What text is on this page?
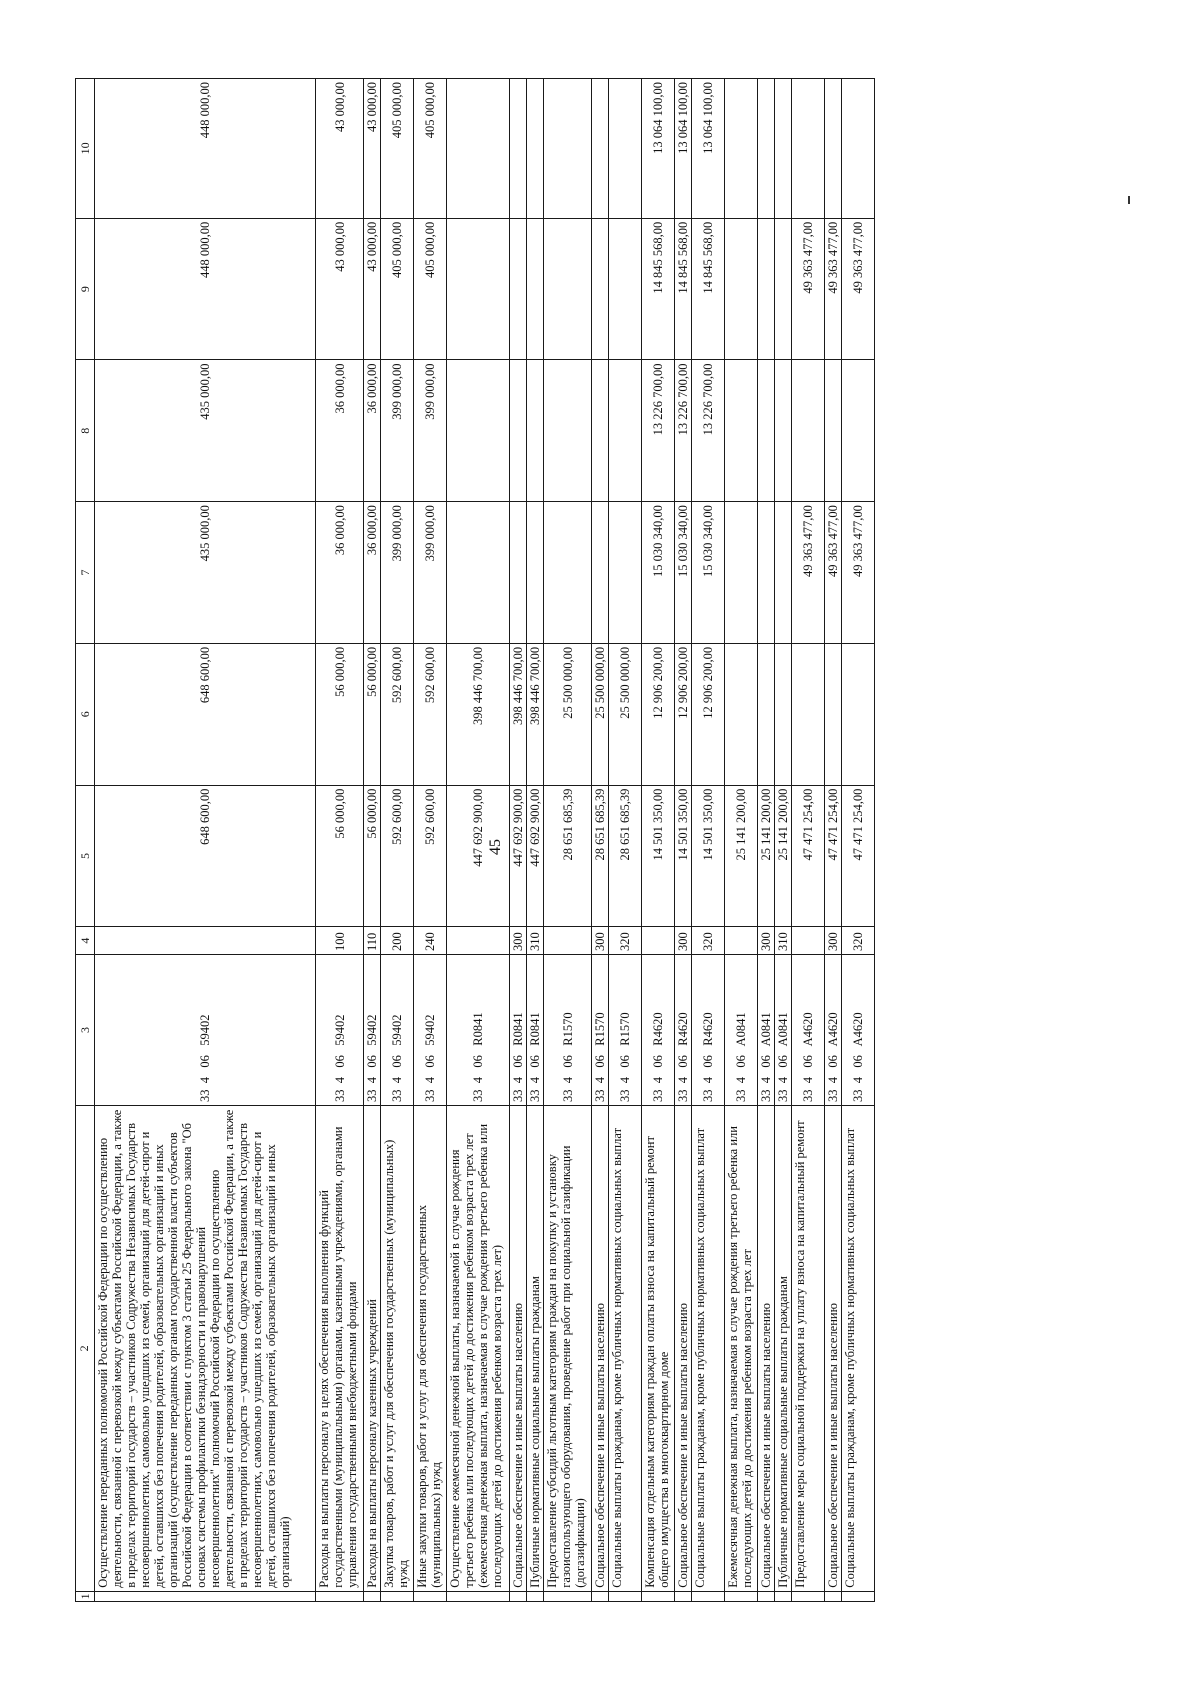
45
1	2	3	4	5	6	7	8	9	10
	Осуществление переданных полномочий Российской Федерации по осуществлению деятельности, связанной с перевозкой между субъектами Российской Федерации, а также в пределах территорий государств – участников Содружества Независимых Государств несовершеннолетних, самовольно ушедших из семей, организаций для детей-сирот и детей, оставшихся без попечения родителей, образовательных организаций и иных организаций (осуществление переданных органам государственной власти субъектов Российской Федерации в соответствии с пунктом 3 статьи 25 Федерального закона "Об основах системы профилактики безнадзорности и правонарушений несовершеннолетних" полномочий Российской Федерации по осуществлению деятельности, связанной с перевозкой между субъектами Российской Федерации, а также в пределах территорий государств – участников Содружества Независимых Государств несовершеннолетних, самовольно ушедших из семей, организаций для детей-сирот и детей, оставшихся без попечения родителей, образовательных организаций и иных организаций)	33  4   06   59402		648 600,00	648 600,00	435 000,00	435 000,00	448 000,00	448 000,00
	Расходы на выплаты персоналу в целях обеспечения выполнения функций государственными (муниципальными) органами, казенными учреждениями, органами управления государственными внебюджетными фондами	33  4   06   59402	100	56 000,00	56 000,00	36 000,00	36 000,00	43 000,00	43 000,00
	Расходы на выплаты персоналу казенных учреждений	33  4   06   59402	110	56 000,00	56 000,00	36 000,00	36 000,00	43 000,00	43 000,00
	Закупка товаров, работ и услуг для обеспечения государственных (муниципальных) нужд	33  4   06   59402	200	592 600,00	592 600,00	399 000,00	399 000,00	405 000,00	405 000,00
	Иные закупки товаров, работ и услуг для обеспечения государственных (муниципальных) нужд	33  4   06   59402	240	592 600,00	592 600,00	399 000,00	399 000,00	405 000,00	405 000,00
	Осуществление ежемесячной денежной выплаты, назначаемой в случае рождения третьего ребенка или последующих детей до достижения ребенком возраста трех лет (ежемесячная денежная выплата, назначаемая в случае рождения третьего ребенка или последующих детей до достижения ребенком возраста трех лет)	33  4   06   R0841		447 692 900,00	398 446 700,00				
	Социальное обеспечение и иные выплаты населению	33  4   06   R0841	300	447 692 900,00	398 446 700,00				
	Публичные нормативные социальные выплаты гражданам	33  4   06   R0841	310	447 692 900,00	398 446 700,00				
	Предоставление субсидий льготным категориям граждан на покупку и установку газоиспользующего оборудования, проведение работ при социальной газификации (догазификации)	33  4   06   R1570		28 651 685,39	25 500 000,00				
	Социальное обеспечение и иные выплаты населению	33  4   06   R1570	300	28 651 685,39	25 500 000,00				
	Социальные выплаты гражданам, кроме публичных нормативных социальных выплат	33  4   06   R1570	320	28 651 685,39	25 500 000,00				
	Компенсация отдельным категориям граждан оплаты взноса на капитальный ремонт общего имущества в многоквартирном доме	33  4   06   R4620		14 501 350,00	12 906 200,00	15 030 340,00	13 226 700,00	14 845 568,00	13 064 100,00
	Социальное обеспечение и иные выплаты населению	33  4   06   R4620	300	14 501 350,00	12 906 200,00	15 030 340,00	13 226 700,00	14 845 568,00	13 064 100,00
	Социальные выплаты гражданам, кроме публичных нормативных социальных выплат	33  4   06   R4620	320	14 501 350,00	12 906 200,00	15 030 340,00	13 226 700,00	14 845 568,00	13 064 100,00
	Ежемесячная денежная выплата, назначаемая в случае рождения третьего ребенка или последующих детей до достижения ребенком возраста трех лет	33  4   06   A0841		25 141 200,00					
	Социальное обеспечение и иные выплаты населению	33  4   06   A0841	300	25 141 200,00					
	Публичные нормативные социальные выплаты гражданам	33  4   06   A0841	310	25 141 200,00					
	Предоставление меры социальной поддержки на уплату взноса на капитальный ремонт	33  4   06   A4620		47 471 254,00		49 363 477,00		49 363 477,00	
	Социальное обеспечение и иные выплаты населению	33  4   06   A4620	300	47 471 254,00		49 363 477,00		49 363 477,00	
	Социальные выплаты гражданам, кроме публичных нормативных социальных выплат	33  4   06   A4620	320	47 471 254,00		49 363 477,00		49 363 477,00	
